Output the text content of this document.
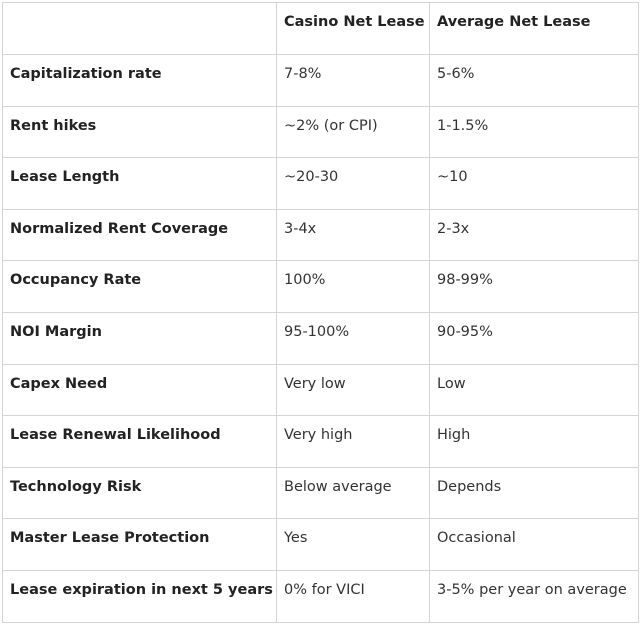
	Casino Net Lease	Average Net Lease
Capitalization rate	7-8%	5-6%
Rent hikes	~2% (or CPI)	1-1.5%
Lease Length	~20-30	~10
Normalized Rent Coverage	3-4x	2-3x
Occupancy Rate	100%	98-99%
NOI Margin	95-100%	90-95%
Capex Need	Very low	Low
Lease Renewal Likelihood	Very high	High
Technology Risk	Below average	Depends
Master Lease Protection	Yes	Occasional
Lease expiration in next 5 years	0% for VICI	3-5% per year on average
